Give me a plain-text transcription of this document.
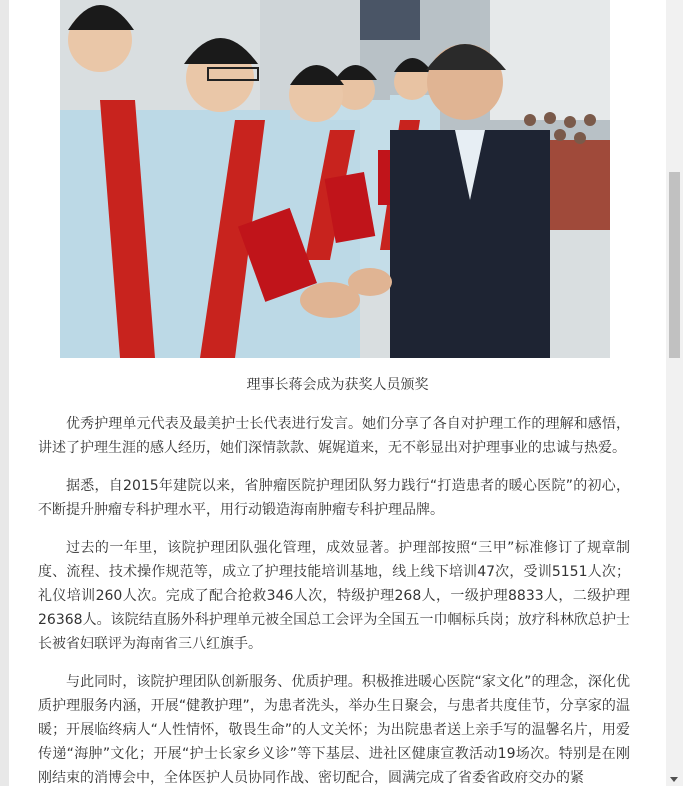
理事长蒋会成为获奖人员颁奖

优秀护理单元代表及最美护士长代表进行发言。她们分享了各自对护理工作的理解和感悟，讲述了护理生涯的感人经历，她们深情款款、娓娓道来，无不彰显出对护理事业的忠诚与热爱。

据悉，自2015年建院以来，省肿瘤医院护理团队努力践行“打造患者的暖心医院”的初心，不断提升肿瘤专科护理水平，用行动锻造海南肿瘤专科护理品牌。

过去的一年里，该院护理团队强化管理，成效显著。护理部按照“三甲”标准修订了规章制度、流程、技术操作规范等，成立了护理技能培训基地，线上线下培训47次，受训5151人次；礼仪培训260人次。完成了配合抢救346人次，特级护理268人，一级护理8833人，二级护理26368人。该院结直肠外科护理单元被全国总工会评为全国五一巾帼标兵岗；放疗科林欣总护士长被省妇联评为海南省三八红旗手。

与此同时，该院护理团队创新服务、优质护理。积极推进暖心医院“家文化”的理念，深化优质护理服务内涵，开展“健教护理”，为患者洗头，举办生日聚会，与患者共度佳节，分享家的温暖；开展临终病人“人性情怀，敬畏生命”的人文关怀；为出院患者送上亲手写的温馨名片，用爱传递“海肿”文化；开展“护士长家乡义诊”等下基层、进社区健康宣教活动19场次。特别是在刚刚结束的消博会中，全体医护人员协同作战、密切配合，圆满完成了省委省政府交办的紧
